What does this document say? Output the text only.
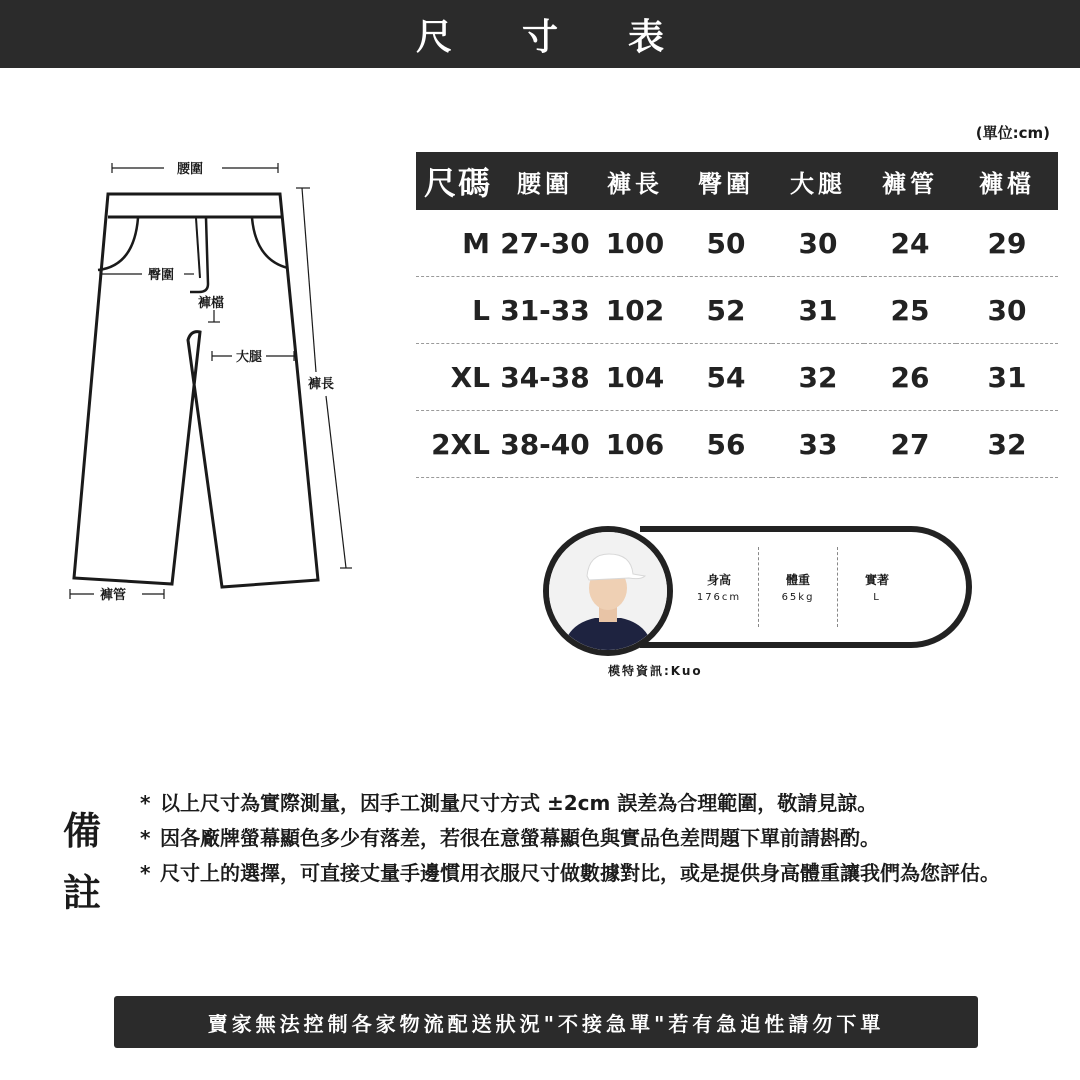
尺寸表
腰圍
臀圍
褲檔
大腿
褲長
褲管
(單位:cm)
尺碼	腰圍	褲長	臀圍	大腿	褲管	褲檔
M	27-30	100	50	30	24	29
L	31-33	102	52	31	25	30
XL	34-38	104	54	32	26	31
2XL	38-40	106	56	33	27	32
身高
176cm
體重
65kg
實著
L
模特資訊:Kuo
備註
* 以上尺寸為實際測量，因手工測量尺寸方式 ±2cm 誤差為合理範圍，敬請見諒。
* 因各廠牌螢幕顯色多少有落差，若很在意螢幕顯色與實品色差問題下單前請斟酌。
* 尺寸上的選擇，可直接丈量手邊慣用衣服尺寸做數據對比，或是提供身高體重讓我們為您評估。
賣家無法控制各家物流配送狀況"不接急單"若有急迫性請勿下單
